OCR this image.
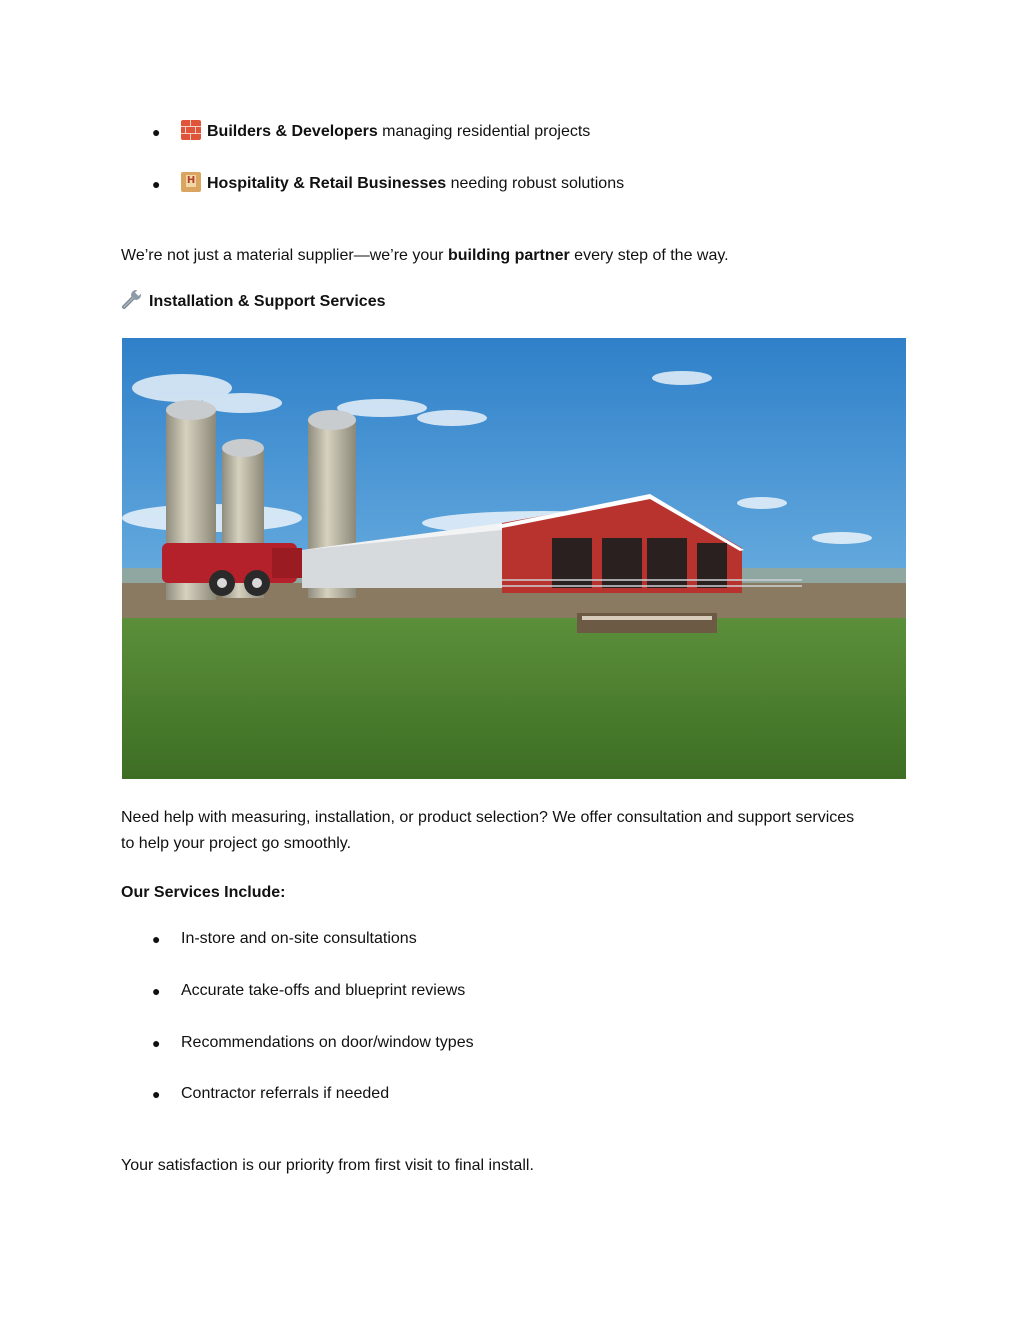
●	Builders & Developers managing residential projects
●
H	Hospitality & Retail Businesses needing robust solutions
We’re not just a material supplier—we’re your building partner every step of the way.
Installation & Support Services
Need help with measuring, installation, or product selection? We offer consultation and support services
to help your project go smoothly.
Our Services Include:
● In-store and on-site consultations
● Accurate take-offs and blueprint reviews
● Recommendations on door/window types
● Contractor referrals if needed
Your satisfaction is our priority from first visit to final install.
